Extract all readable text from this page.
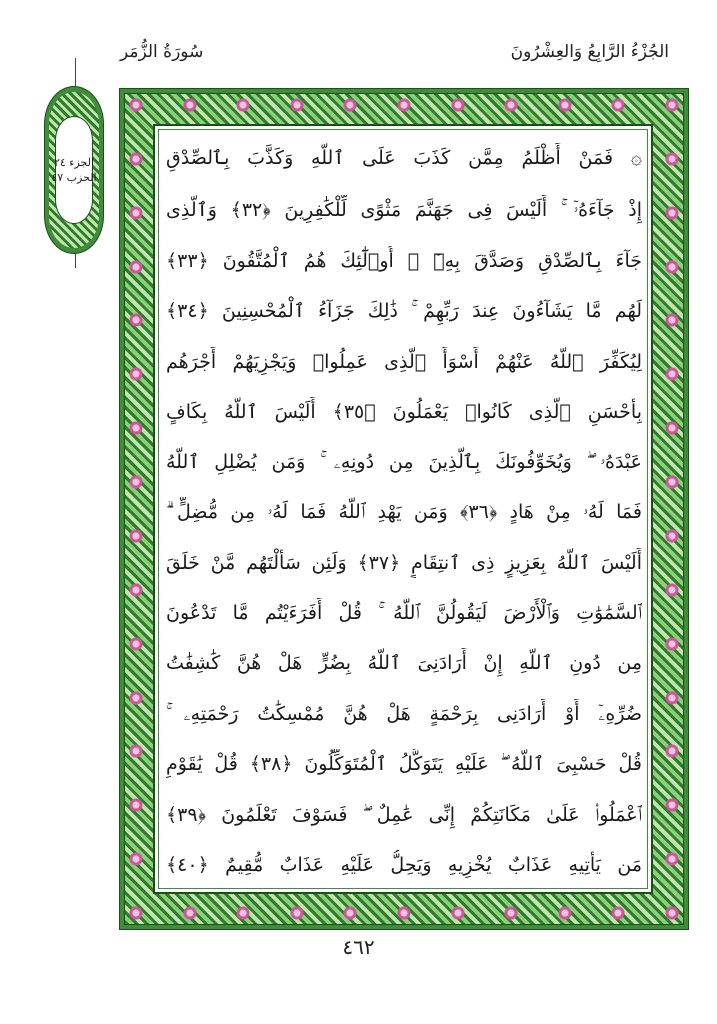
الجُزْءُ الرَّابِعُ وَالعِشْرُونَ
سُورَةُ الزُّمَر
الجزء ٢٤
الحزب ٤٧
۞ فَمَنْ أَظْلَمُ مِمَّن كَذَبَ عَلَى ٱللَّهِ وَكَذَّبَ بِٱلصِّدْقِ
إِذْ جَآءَهُۥٓ ۚ أَلَيْسَ فِى جَهَنَّمَ مَثْوًى لِّلْكَٰفِرِينَ ﴿٣٢﴾ وَٱلَّذِى
جَآءَ بِٱلصِّدْقِ وَصَدَّقَ بِهِۦٓ ۙ أُو۟لَٰٓئِكَ هُمُ ٱلْمُتَّقُونَ ﴿٣٣﴾
لَهُم مَّا يَشَآءُونَ عِندَ رَبِّهِمْ ۚ ذَٰلِكَ جَزَآءُ ٱلْمُحْسِنِينَ ﴿٣٤﴾
لِيُكَفِّرَ ٱللَّهُ عَنْهُمْ أَسْوَأَ ٱلَّذِى عَمِلُوا۟ وَيَجْزِيَهُمْ أَجْرَهُم
بِأَحْسَنِ ٱلَّذِى كَانُوا۟ يَعْمَلُونَ ﴿٣٥﴾ أَلَيْسَ ٱللَّهُ بِكَافٍ
عَبْدَهُۥ ۖ وَيُخَوِّفُونَكَ بِٱلَّذِينَ مِن دُونِهِۦ ۚ وَمَن يُضْلِلِ ٱللَّهُ
فَمَا لَهُۥ مِنْ هَادٍ ﴿٣٦﴾ وَمَن يَهْدِ ٱللَّهُ فَمَا لَهُۥ مِن مُّضِلٍّ ۗ
أَلَيْسَ ٱللَّهُ بِعَزِيزٍ ذِى ٱنتِقَامٍ ﴿٣٧﴾ وَلَئِن سَأَلْتَهُم مَّنْ خَلَقَ
ٱلسَّمَٰوَٰتِ وَٱلْأَرْضَ لَيَقُولُنَّ ٱللَّهُ ۚ قُلْ أَفَرَءَيْتُم مَّا تَدْعُونَ
مِن دُونِ ٱللَّهِ إِنْ أَرَادَنِىَ ٱللَّهُ بِضُرٍّ هَلْ هُنَّ كَٰشِفَٰتُ
ضُرِّهِۦٓ أَوْ أَرَادَنِى بِرَحْمَةٍ هَلْ هُنَّ مُمْسِكَٰتُ رَحْمَتِهِۦ ۚ
قُلْ حَسْبِىَ ٱللَّهُ ۖ عَلَيْهِ يَتَوَكَّلُ ٱلْمُتَوَكِّلُونَ ﴿٣٨﴾ قُلْ يَٰقَوْمِ
ٱعْمَلُوا۟ عَلَىٰ مَكَانَتِكُمْ إِنِّى عَٰمِلٌ ۖ فَسَوْفَ تَعْلَمُونَ ﴿٣٩﴾
مَن يَأْتِيهِ عَذَابٌ يُخْزِيهِ وَيَحِلُّ عَلَيْهِ عَذَابٌ مُّقِيمٌ ﴿٤٠﴾
٤٦٢
